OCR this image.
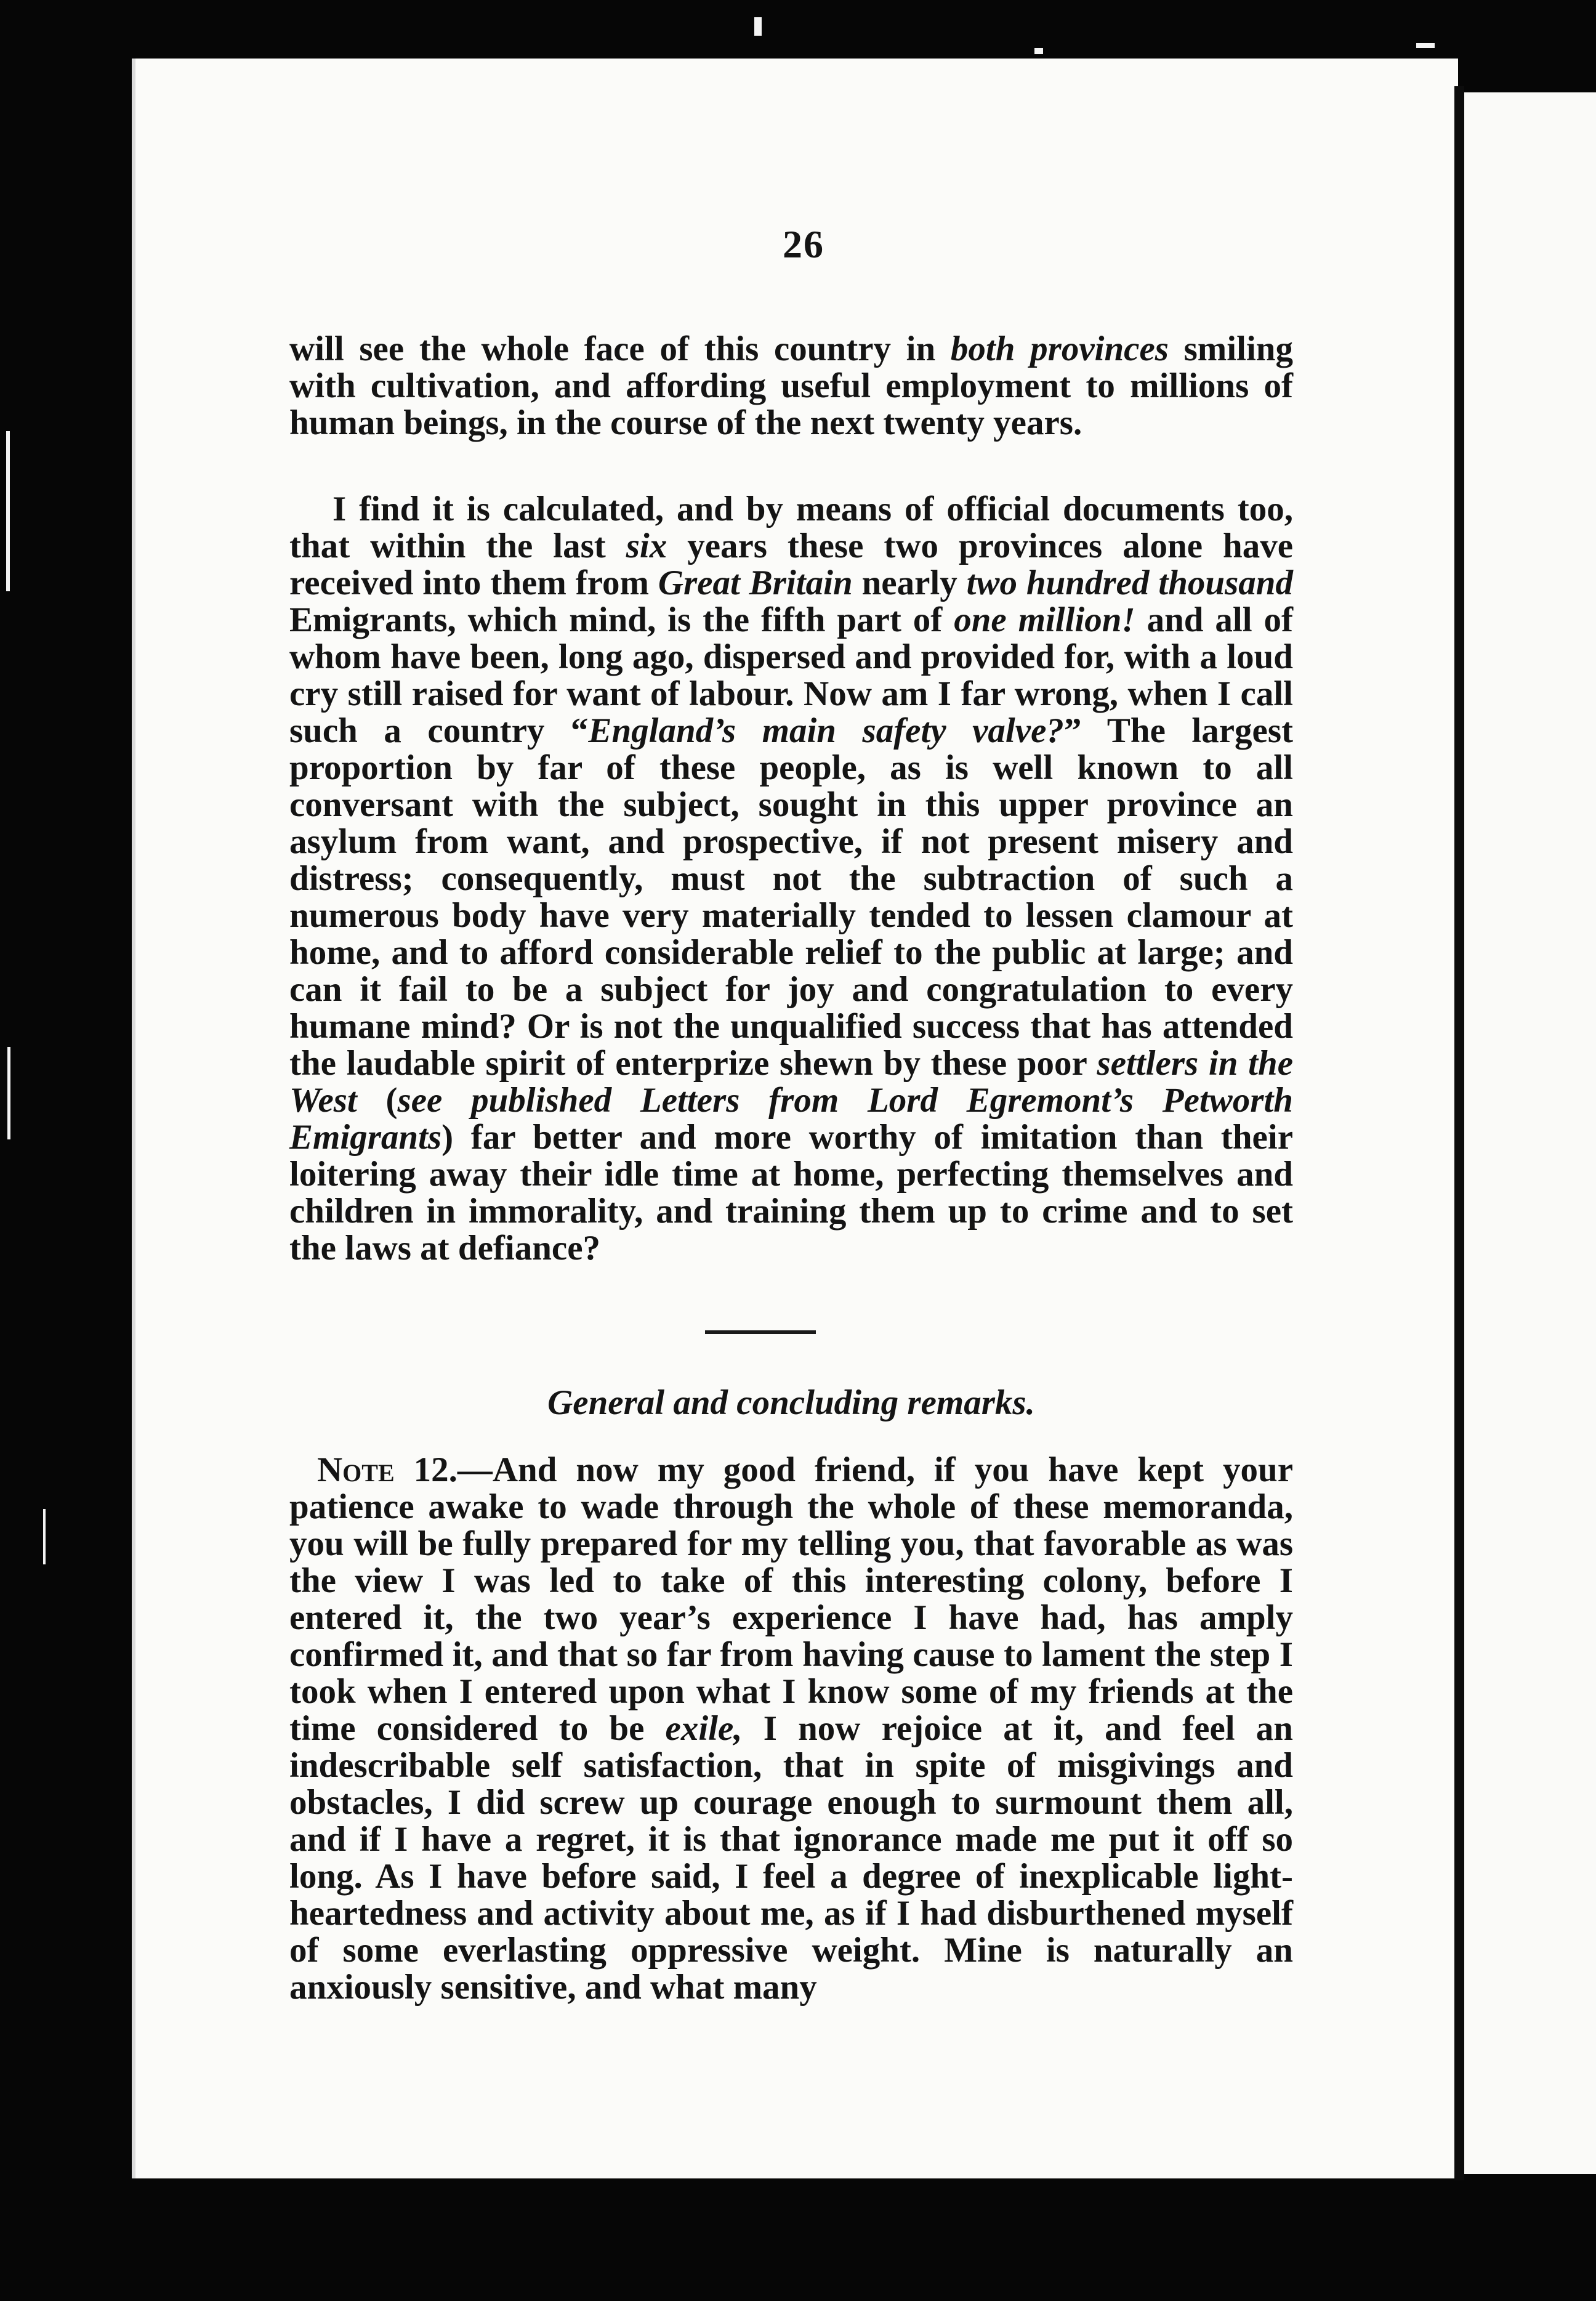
26

will see the whole face of this country in both provinces smiling with cultivation, and affording useful employment to millions of human beings, in the course of the next twenty years.

I find it is calculated, and by means of official documents too, that within the last six years these two provinces alone have received into them from Great Britain nearly two hundred thousand Emigrants, which mind, is the fifth part of one million! and all of whom have been, long ago, dispersed and provided for, with a loud cry still raised for want of labour. Now am I far wrong, when I call such a country “England’s main safety valve?” The largest proportion by far of these people, as is well known to all conversant with the subject, sought in this upper province an asylum from want, and prospective, if not present misery and distress; consequently, must not the subtraction of such a numerous body have very materially tended to lessen clamour at home, and to afford considerable relief to the public at large; and can it fail to be a subject for joy and congratulation to every humane mind? Or is not the unqualified success that has attended the laudable spirit of enterprize shewn by these poor settlers in the West (see published Letters from Lord Egremont’s Petworth Emigrants) far better and more worthy of imitation than their loitering away their idle time at home, perfecting themselves and children in immorality, and training them up to crime and to set the laws at defiance?

General and concluding remarks.

Note 12.—And now my good friend, if you have kept your patience awake to wade through the whole of these memoranda, you will be fully prepared for my telling you, that favorable as was the view I was led to take of this interesting colony, before I entered it, the two year’s experience I have had, has amply confirmed it, and that so far from having cause to lament the step I took when I entered upon what I know some of my friends at the time considered to be exile, I now rejoice at it, and feel an indescribable self satisfaction, that in spite of misgivings and obstacles, I did screw up courage enough to surmount them all, and if I have a regret, it is that ignorance made me put it off so long. As I have before said, I feel a degree of inexplicable light-heartedness and activity about me, as if I had disburthened myself of some everlasting oppressive weight. Mine is naturally an anxiously sensitive, and what many
